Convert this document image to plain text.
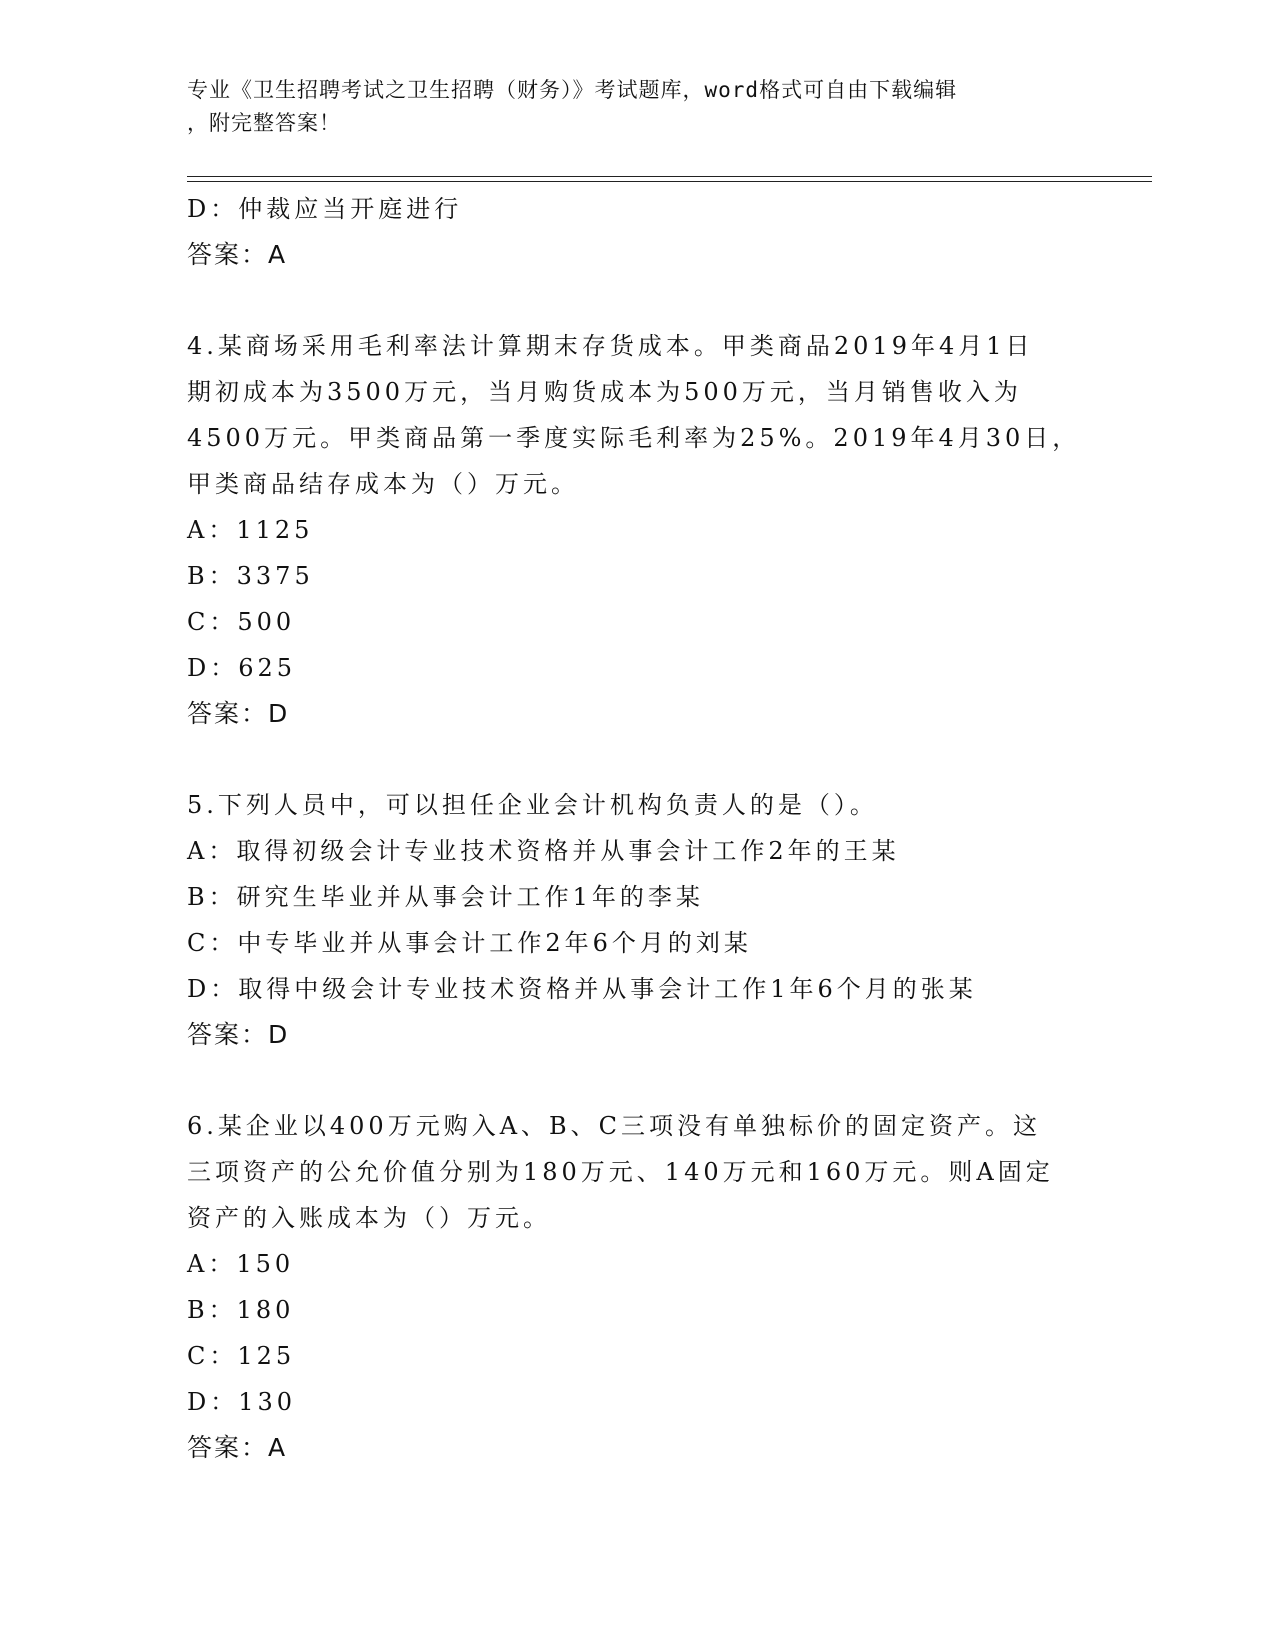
专业《卫生招聘考试之卫生招聘（财务）》考试题库，word格式可自由下载编辑
，附完整答案！
D：仲裁应当开庭进行
答案：A
4.某商场采用毛利率法计算期末存货成本。甲类商品2019年4月1日
期初成本为3500万元，当月购货成本为500万元，当月销售收入为
4500万元。甲类商品第一季度实际毛利率为25%。2019年4月30日，
甲类商品结存成本为（）万元。
A：1125
B：3375
C：500
D：625
答案：D
5.下列人员中，可以担任企业会计机构负责人的是（）。
A：取得初级会计专业技术资格并从事会计工作2年的王某
B：研究生毕业并从事会计工作1年的李某
C：中专毕业并从事会计工作2年6个月的刘某
D：取得中级会计专业技术资格并从事会计工作1年6个月的张某
答案：D
6.某企业以400万元购入A、B、C三项没有单独标价的固定资产。这
三项资产的公允价值分别为180万元、140万元和160万元。则A固定
资产的入账成本为（）万元。
A：150
B：180
C：125
D：130
答案：A
